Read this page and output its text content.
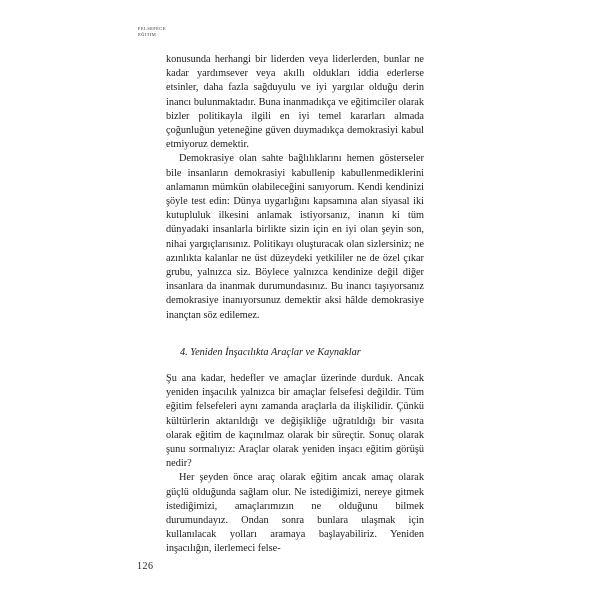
FELSEFECE
EĞITIM

konusunda herhangi bir liderden veya liderlerden, bunlar ne kadar yardımsever veya akıllı oldukları iddia ederlerse etsinler, daha fazla sağduyulu ve iyi yargılar olduğu derin inancı bulunmaktadır. Buna inanmadıkça ve eğitimciler olarak bizler politikayla ilgili en iyi temel kararları almada çoğunluğun yeteneğine güven duymadıkça demokrasiyi kabul etmiyoruz demektir.

Demokrasiye olan sahte bağlılıklarını hemen gösterseler bile insanların demokrasiyi kabullenip kabullenmediklerini anlamanın mümkün olabileceğini sanıyorum. Kendi kendinizi şöyle test edin: Dünya uygarlığını kapsamına alan siyasal iki kutupluluk ilkesini anlamak istiyorsanız, inanın ki tüm dünyadaki insanlarla birlikte sizin için en iyi olan şeyin son, nihai yargıçlarısınız. Politikayı oluşturacak olan sizlersiniz; ne azınlıkta kalanlar ne üst düzeydeki yetkililer ne de özel çıkar grubu, yalnızca siz. Böylece yalnızca kendinize değil diğer insanlara da inanmak durumundasınız. Bu inancı taşıyorsanız demokrasiye inanıyorsunuz demektir aksi hâlde demokrasiye inançtan söz edilemez.

4. Yeniden İnşacılıkta Araçlar ve Kaynaklar

Şu ana kadar, hedefler ve amaçlar üzerinde durduk. Ancak yeniden inşacılık yalnızca bir amaçlar felsefesi değildir. Tüm eğitim felsefeleri aynı zamanda araçlarla da ilişkilidir. Çünkü kültürlerin aktarıldığı ve değişikliğe uğratıldığı bir vasıta olarak eğitim de kaçınılmaz olarak bir süreçtir. Sonuç olarak şunu sormalıyız: Araçlar olarak yeniden inşacı eğitim görüşü nedir?

Her şeyden önce araç olarak eğitim ancak amaç olarak güçlü olduğunda sağlam olur. Ne istediğimizi, nereye gitmek istediğimizi, amaçlarımızın ne olduğunu bilmek durumundayız. Ondan sonra bunlara ulaşmak için kullanılacak yolları aramaya başlayabiliriz. Yeniden inşacılığın, ilerlemeci felse-

126
